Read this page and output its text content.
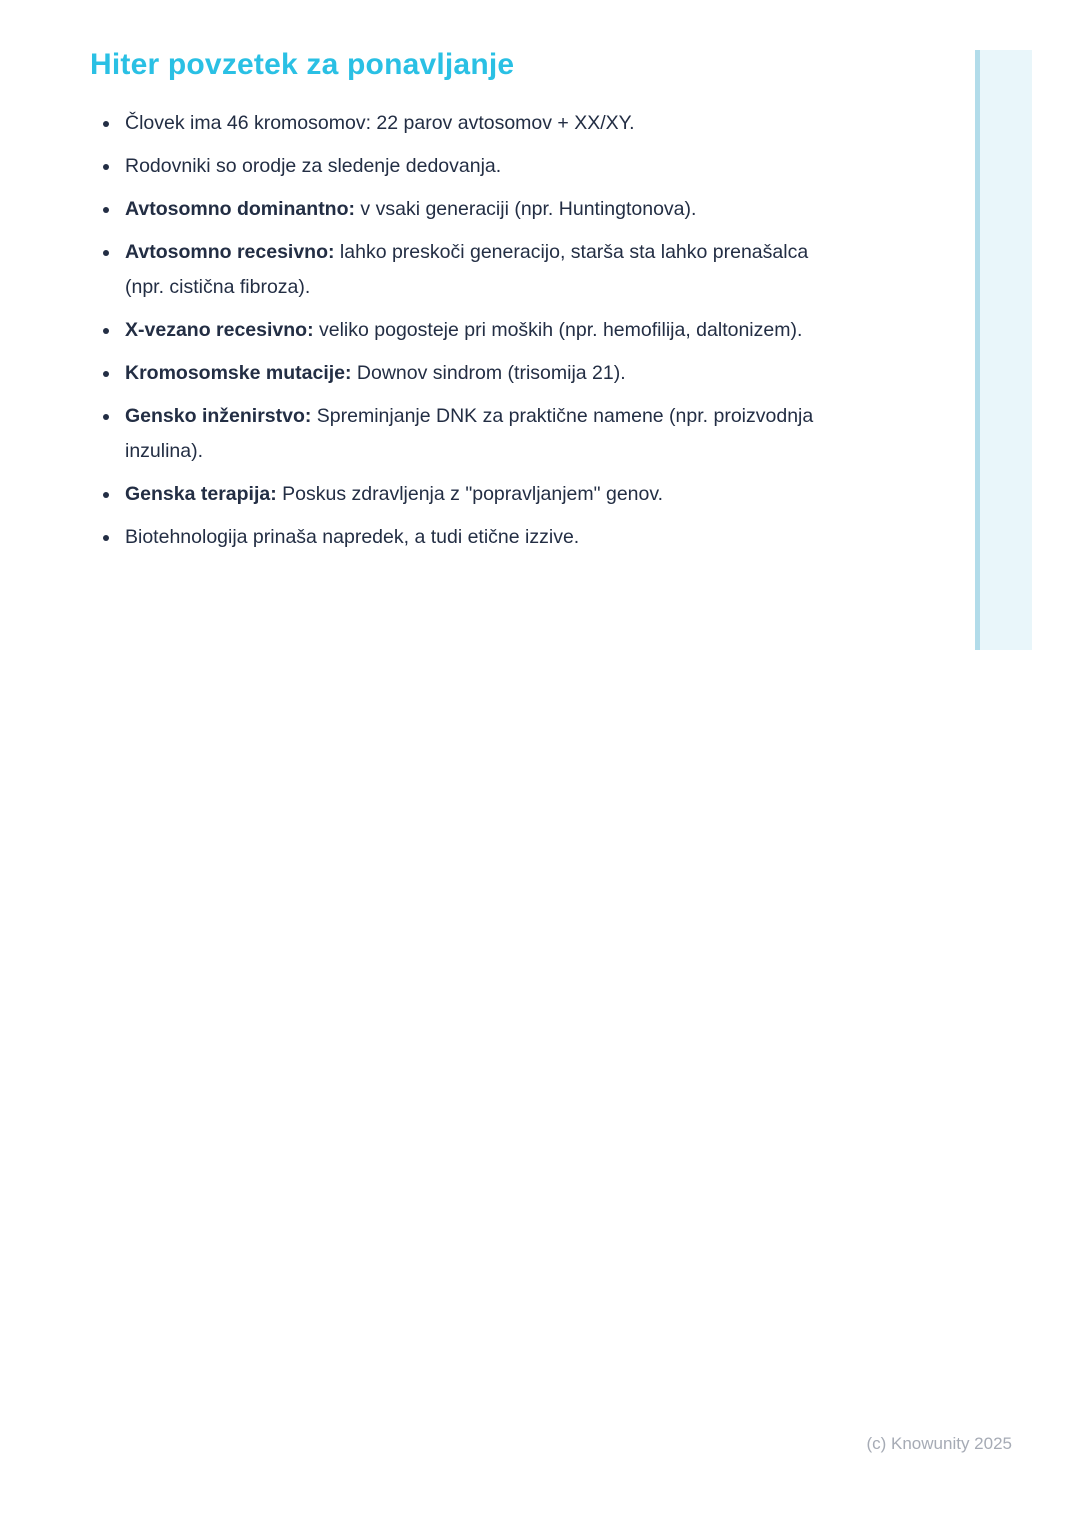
Hiter povzetek za ponavljanje
Človek ima 46 kromosomov: 22 parov avtosomov + XX/XY.
Rodovniki so orodje za sledenje dedovanja.
Avtosomno dominantno: v vsaki generaciji (npr. Huntingtonova).
Avtosomno recesivno: lahko preskoči generacijo, starša sta lahko prenašalca (npr. cistična fibroza).
X-vezano recesivno: veliko pogosteje pri moških (npr. hemofilija, daltonizem).
Kromosomske mutacije: Downov sindrom (trisomija 21).
Gensko inženirstvo: Spreminjanje DNK za praktične namene (npr. proizvodnja inzulina).
Genska terapija: Poskus zdravljenja z "popravljanjem" genov.
Biotehnologija prinaša napredek, a tudi etične izzive.
(c) Knowunity 2025
